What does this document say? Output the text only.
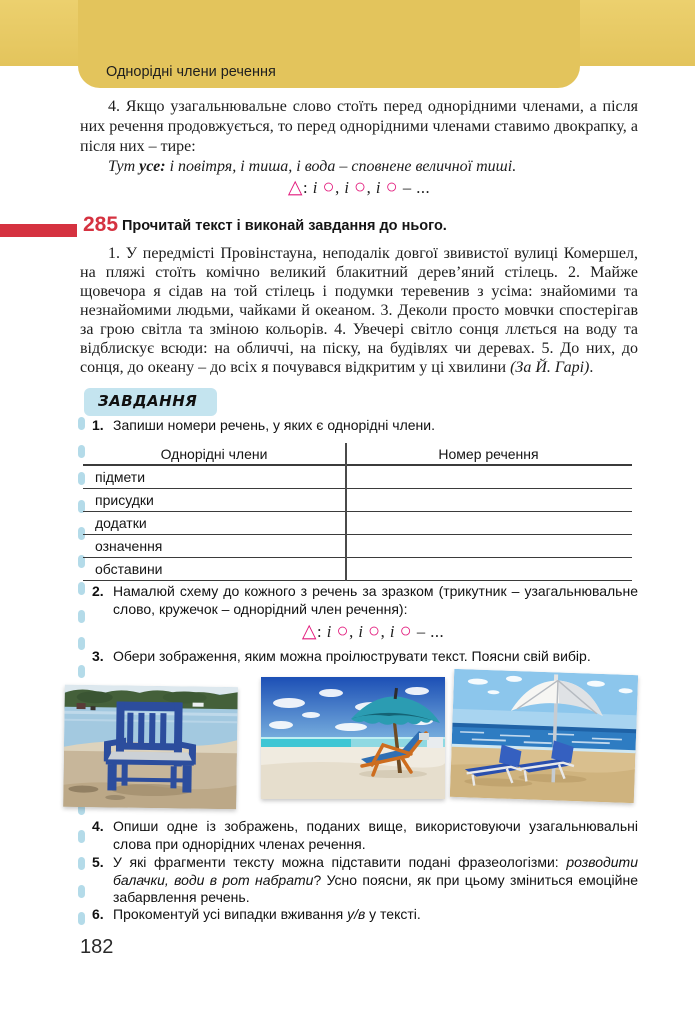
Однорідні члени речення
4. Якщо узагальнювальне слово стоїть перед однорідними членами, а після них речення продовжується, то перед однорідними членами ставимо двокрапку, а після них – тире:
Тут усе: і повітря, і тиша, і вода – сповнене величної тиші.
△: і ○, і ○, і ○ – ...
285 Прочитай текст і виконай завдання до нього.
1. У передмісті Провінстауна, неподалік довгої звивистої вулиці Комершел, на пляжі стоїть комічно великий блакитний дерев’яний стілець. 2. Майже щовечора я сідав на той стілець і подумки теревенив з усіма: знайомими та незнайомими людьми, чайками й океаном. 3. Деколи просто мовчки спостерігав за грою світла та зміною кольорів. 4. Увечері світло сонця ллється на воду та відблискує всюди: на обличчі, на піску, на будівлях чи деревах. 5. До них, до сонця, до океану – до всіх я почувався відкритим у ці хвилини (За Й. Гарі).
ЗАВДАННЯ
1. Запиши номери речень, у яких є однорідні члени.
Однорідні члени	Номер речення
підмети
присудки
додатки
означення
обставини
2. Намалюй схему до кожного з речень за зразком (трикутник – узагальнювальне слово, кружечок – однорідний член речення):
△: і ○, і ○, і ○ – ...
3. Обери зображення, яким можна проілюструвати текст. Поясни свій вибір.
4. Опиши одне із зображень, поданих вище, використовуючи узагальнювальні слова при однорідних членах речення.
5. У які фрагменти тексту можна підставити подані фразеологізми: розводити балачки, води в рот набрати? Усно поясни, як при цьому зміниться емоційне забарвлення речень.
6. Прокоментуй усі випадки вживання у/в у тексті.
182
